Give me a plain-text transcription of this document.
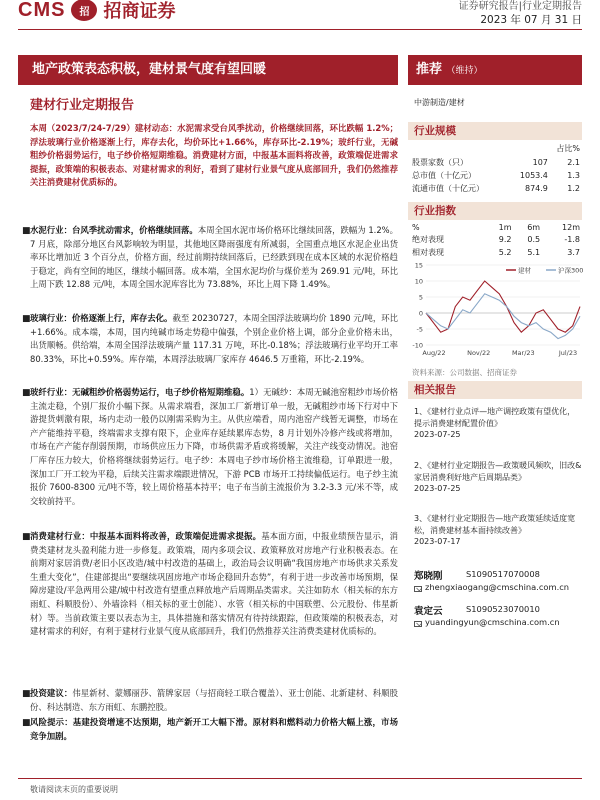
CMS	招 招商证券	证券研究报告|行业定期报告
2023 年 07 月 31 日
地产政策表态积极，建材景气度有望回暖	推荐 （维持）
建材行业定期报告	中游制造/建材
本周（2023/7/24-7/29）建材动态：水泥需求受台风季扰动，价格继续回落，环比跌幅 1.2%；浮法玻璃行业价格逐渐上行，库存去化，均价环比+1.66%，库存环比-2.19%；玻纤行业，无碱粗纱价格弱势运行，电子纱价格短期维稳。消费建材方面，中报基本面料将改善，政策端促进需求提振，政策端的积极表态、对建材需求的利好，看到了建材行业景气度从底部回升，我们仍然推荐关注消费建材优质标的。
■ 水泥行业：台风季扰动需求，价格继续回落。本周全国水泥市场价格环比继续回落，跌幅为 1.2%。7 月底，除部分地区台风影响较为明显，其他地区降雨强度有所减弱，全国重点地区水泥企业出货率环比增加近 3 个百分点，价格方面，经过前期持续回落后，已经跌到现在成本区域的水泥价格趋于稳定，尚有空间的地区，继续小幅回落。成本端，全国水泥均价与煤价差为 269.91 元/吨，环比上周下跌 12.88 元/吨，本周全国水泥库容比为 73.88%，环比上周下降 1.49%。
■ 玻璃行业：价格逐渐上行，库存去化。截至 20230727，本周全国浮法玻璃均价 1890 元/吨，环比+1.66%。成本端，本周，国内纯碱市场走势稳中偏强，个别企业价格上调，部分企业价格未出，出货顺畅。供给端，本周全国浮法玻璃产量 117.31 万吨，环比-0.18%；浮法玻璃行业平均开工率 80.33%，环比+0.59%。库存端，本周浮法玻璃厂家库存 4646.5 万重箱，环比-2.19%。
■ 玻纤行业：无碱粗纱价格弱势运行，电子纱价格短期维稳。1）无碱纱：本周无碱池窑粗纱市场价格主流走稳，个别厂报价小幅下探。从需求端看，深加工厂新增订单一般，无碱粗纱市场下行对中下游提货刺激有限，场内走动一般仍以刚需采购为主。从供应端看，周内池窑产线暂无调整，市场在产产能维持平稳，终端需求支撑有限下，企业库存延续累库态势，8 月计划外冷修产线或将增加，市场在产产能存削弱预期，市场供应压力下降，市场供需矛盾或将缓解，关注产线变动情况。池窑厂库存压力较大，价格将继续弱势运行。电子纱：本周电子纱市场价格主流维稳，订单跟进一般，深加工厂开工较为平稳，后续关注需求端跟进情况，下游 PCB 市场开工持续偏低运行。电子纱主流报价 7600-8300 元/吨不等，较上周价格基本持平；电子布当前主流报价为 3.2-3.3 元/米不等，成交较前持平。
■ 消费建材行业：中报基本面料将改善，政策端促进需求提振。基本面方面，中报业绩预告显示，消费类建材龙头盈利能力进一步修复。政策端，周内多项会议、政策释放对房地产行业积极表态。在前期对家居消费/老旧小区改造/城中村改造的基础上，政治局会议明确“我国房地产市场供求关系发生重大变化”，住建部提出“要继续巩固房地产市场企稳回升态势”，有利于进一步改善市场预期，保障房建设/平急两用公建/城中村改造有望重点释放地产后周期品类需求。关注如防水（相关标的东方雨虹、科顺股份）、外墙涂料（相关标的亚士创能）、水管（相关标的中国联塑、公元股份、伟星新材）等。当前政策主要以表态为主，具体措施和落实情况有待持续跟踪，但政策端的积极表态，对建材需求的利好，有利于建材行业景气度从底部回升，我们仍然推荐关注消费类建材优质标的。
■ 投资建议：伟星新材、蒙娜丽莎、箭牌家居（与招商轻工联合覆盖）、亚士创能、北新建材、科顺股份、科达制造、东方雨虹、东鹏控股。
■ 风险提示：基建投资增速不达预期，地产新开工大幅下滑。原材料和燃料动力价格大幅上涨，市场竞争加剧。
行业规模
		占比%
股票家数（只）	107	2.1
总市值（十亿元）	1053.4	1.3
流通市值（十亿元）	874.9	1.2
行业指数
%	1m	6m	12m
绝对表现	9.2	0.5	-1.8
相对表现	5.2	5.1	3.7
-10
-5
0
5
10
15
Aug/22	Nov/22	Mar/23	Jul/23
建材	沪深300
资料来源：公司数据、招商证券
相关报告
1、《建材行业点评—地产调控政策有望优化，提示消费建材配置价值》
2023-07-25
2、《建材行业定期报告—政策暖风频吹，旧改&家居消费利好地产后周期品类》
2023-07-25
3、《建材行业定期报告—地产政策延续适度宽松，消费建材基本面持续改善》
2023-07-17
郑晓刚	S1090517070008
zhengxiaogang@cmschina.com.cn
袁定云	S1090523070010
yuandingyun@cmschina.com.cn
敬请阅读末页的重要说明
